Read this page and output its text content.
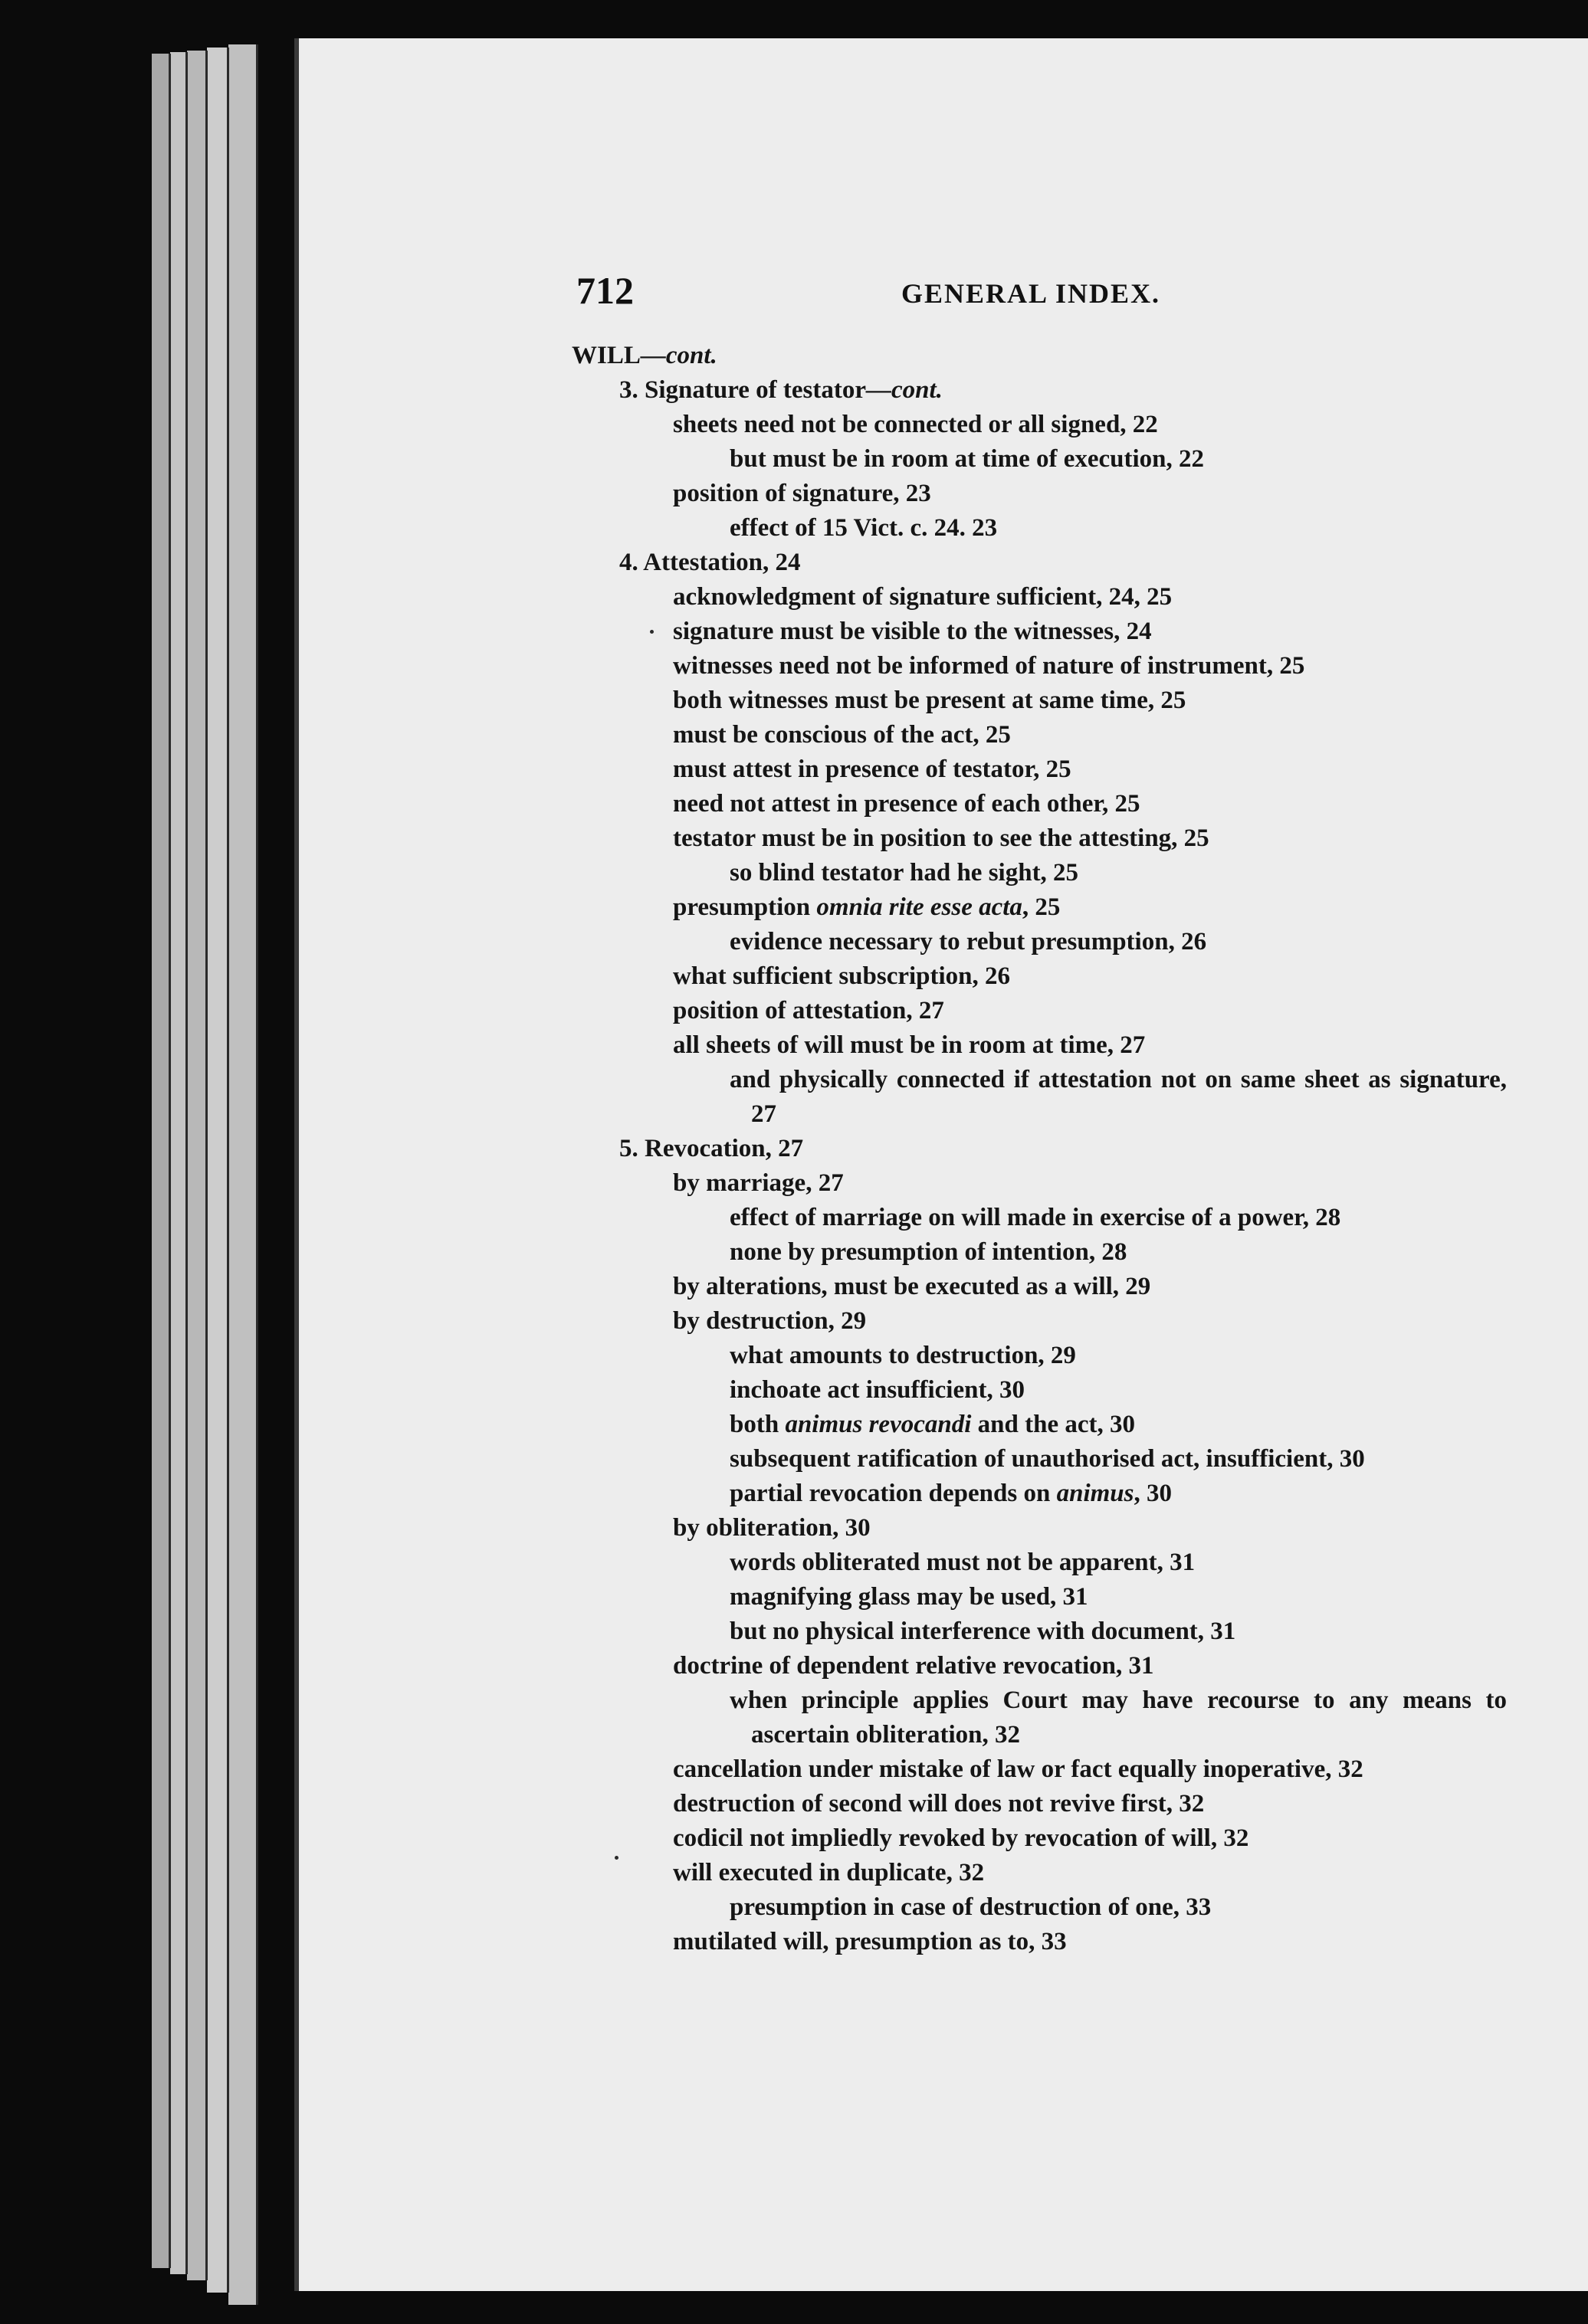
712	GENERAL INDEX.
WILL—cont.
3. Signature of testator—cont.
sheets need not be connected or all signed, 22
but must be in room at time of execution, 22
position of signature, 23
effect of 15 Vict. c. 24. 23
4. Attestation, 24
acknowledgment of signature sufficient, 24, 25
signature must be visible to the witnesses, 24
witnesses need not be informed of nature of instrument, 25
both witnesses must be present at same time, 25
must be conscious of the act, 25
must attest in presence of testator, 25
need not attest in presence of each other, 25
testator must be in position to see the attesting, 25
so blind testator had he sight, 25
presumption omnia rite esse acta, 25
evidence necessary to rebut presumption, 26
what sufficient subscription, 26
position of attestation, 27
all sheets of will must be in room at time, 27
and physically connected if attestation not on same sheet as signature, 27
5. Revocation, 27
by marriage, 27
effect of marriage on will made in exercise of a power, 28
none by presumption of intention, 28
by alterations, must be executed as a will, 29
by destruction, 29
what amounts to destruction, 29
inchoate act insufficient, 30
both animus revocandi and the act, 30
subsequent ratification of unauthorised act, insufficient, 30
partial revocation depends on animus, 30
by obliteration, 30
words obliterated must not be apparent, 31
magnifying glass may be used, 31
but no physical interference with document, 31
doctrine of dependent relative revocation, 31
when principle applies Court may have recourse to any means to ascertain obliteration, 32
cancellation under mistake of law or fact equally inoperative, 32
destruction of second will does not revive first, 32
codicil not impliedly revoked by revocation of will, 32
will executed in duplicate, 32
presumption in case of destruction of one, 33
mutilated will, presumption as to, 33
